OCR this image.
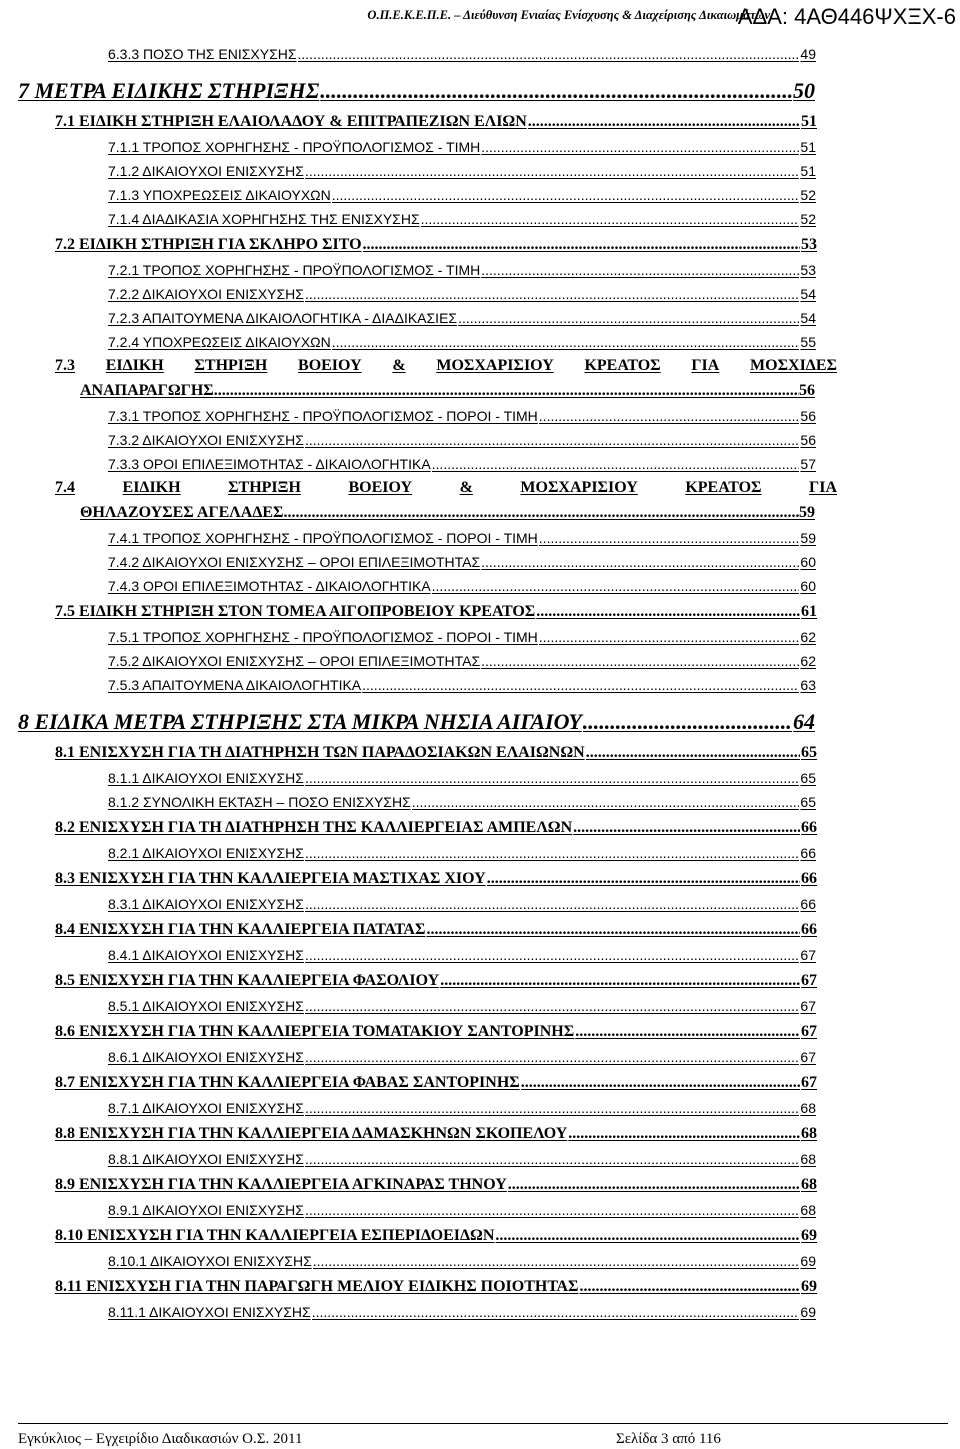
Ο.Π.Ε.Κ.Ε.Π.Ε. – Διεύθυνση Ενιαίας Ενίσχυσης & Διαχείρισης Δικαιωμάτων
ΑΔΑ: 4ΑΘ446ΨΧΞΧ-6
6.3.3 ΠΟΣΟ ΤΗΣ ΕΝΙΣΧΥΣΗΣ .....	49
7 ΜΕΤΡΑ ΕΙΔΙΚΗΣ ΣΤΗΡΙΞΗΣ .....	50
7.1 ΕΙΔΙΚΗ ΣΤΗΡΙΞΗ ΕΛΑΙΟΛΑΔΟΥ & ΕΠΙΤΡΑΠΕΖΙΩΝ ΕΛΙΩΝ .....	51
7.1.1 ΤΡΟΠΟΣ ΧΟΡΗΓΗΣΗΣ - ΠΡΟΫΠΟΛΟΓΙΣΜΟΣ - ΤΙΜΗ .....	51
7.1.2 ΔΙΚΑΙΟΥΧΟΙ ΕΝΙΣΧΥΣΗΣ .....	51
7.1.3 ΥΠΟΧΡΕΩΣΕΙΣ ΔΙΚΑΙΟΥΧΩΝ .....	52
7.1.4 ΔΙΑΔΙΚΑΣΙΑ ΧΟΡΗΓΗΣΗΣ ΤΗΣ ΕΝΙΣΧΥΣΗΣ .....	52
7.2 ΕΙΔΙΚΗ ΣΤΗΡΙΞΗ ΓΙΑ ΣΚΛΗΡΟ ΣΙΤΟ .....	53
7.2.1 ΤΡΟΠΟΣ ΧΟΡΗΓΗΣΗΣ - ΠΡΟΫΠΟΛΟΓΙΣΜΟΣ - ΤΙΜΗ .....	53
7.2.2 ΔΙΚΑΙΟΥΧΟΙ ΕΝΙΣΧΥΣΗΣ .....	54
7.2.3 ΑΠΑΙΤΟΥΜΕΝΑ ΔΙΚΑΙΟΛΟΓΗΤΙΚΑ - ΔΙΑΔΙΚΑΣΙΕΣ .....	54
7.2.4 ΥΠΟΧΡΕΩΣΕΙΣ ΔΙΚΑΙΟΥΧΩΝ .....	55
7.3 ΕΙΔΙΚΗ ΣΤΗΡΙΞΗ ΒΟΕΙΟΥ & ΜΟΣΧΑΡΙΣΙΟΥ ΚΡΕΑΤΟΣ ΓΙΑ ΜΟΣΧΙΔΕΣ
ΑΝΑΠΑΡΑΓΩΓΗΣ .....	56
7.3.1 ΤΡΟΠΟΣ ΧΟΡΗΓΗΣΗΣ - ΠΡΟΫΠΟΛΟΓΙΣΜΟΣ - ΠΟΡΟΙ - ΤΙΜΗ .....	56
7.3.2 ΔΙΚΑΙΟΥΧΟΙ ΕΝΙΣΧΥΣΗΣ .....	56
7.3.3 ΟΡΟΙ ΕΠΙΛΕΞΙΜΟΤΗΤΑΣ - ΔΙΚΑΙΟΛΟΓΗΤΙΚΑ .....	57
7.4	ΕΙΔΙΚΗ	ΣΤΗΡΙΞΗ	ΒΟΕΙΟΥ	&	ΜΟΣΧΑΡΙΣΙΟΥ	ΚΡΕΑΤΟΣ	ΓΙΑ
ΘΗΛΑΖΟΥΣΕΣ ΑΓΕΛΑΔΕΣ .....	59
7.4.1 ΤΡΟΠΟΣ ΧΟΡΗΓΗΣΗΣ - ΠΡΟΫΠΟΛΟΓΙΣΜΟΣ - ΠΟΡΟΙ - ΤΙΜΗ .....	59
7.4.2 ΔΙΚΑΙΟΥΧΟΙ ΕΝΙΣΧΥΣΗΣ – ΟΡΟΙ ΕΠΙΛΕΞΙΜΟΤΗΤΑΣ .....	60
7.4.3 ΟΡΟΙ ΕΠΙΛΕΞΙΜΟΤΗΤΑΣ - ΔΙΚΑΙΟΛΟΓΗΤΙΚΑ .....	60
7.5 ΕΙΔΙΚΗ ΣΤΗΡΙΞΗ ΣΤΟΝ ΤΟΜΕΑ ΑΙΓΟΠΡΟΒΕΙΟΥ ΚΡΕΑΤΟΣ .....	61
7.5.1 ΤΡΟΠΟΣ ΧΟΡΗΓΗΣΗΣ - ΠΡΟΫΠΟΛΟΓΙΣΜΟΣ - ΠΟΡΟΙ - ΤΙΜΗ .....	62
7.5.2 ΔΙΚΑΙΟΥΧΟΙ ΕΝΙΣΧΥΣΗΣ – ΟΡΟΙ ΕΠΙΛΕΞΙΜΟΤΗΤΑΣ .....	62
7.5.3 ΑΠΑΙΤΟΥΜΕΝΑ ΔΙΚΑΙΟΛΟΓΗΤΙΚΑ .....	63
8 ΕΙΔΙΚΑ ΜΕΤΡΑ ΣΤΗΡΙΞΗΣ ΣΤΑ ΜΙΚΡΑ ΝΗΣΙΑ ΑΙΓΑΙΟΥ .....	64
8.1 ΕΝΙΣΧΥΣΗ ΓΙΑ ΤΗ ΔΙΑΤΗΡΗΣΗ ΤΩΝ ΠΑΡΑΔΟΣΙΑΚΩΝ ΕΛΑΙΩΝΩΝ .....	65
8.1.1 ΔΙΚΑΙΟΥΧΟΙ ΕΝΙΣΧΥΣΗΣ .....	65
8.1.2 ΣΥΝΟΛΙΚΗ ΕΚΤΑΣΗ – ΠΟΣΟ ΕΝΙΣΧΥΣΗΣ .....	65
8.2 ΕΝΙΣΧΥΣΗ ΓΙΑ ΤΗ ΔΙΑΤΗΡΗΣΗ ΤΗΣ ΚΑΛΛΙΕΡΓΕΙΑΣ ΑΜΠΕΛΩΝ .....	66
8.2.1 ΔΙΚΑΙΟΥΧΟΙ ΕΝΙΣΧΥΣΗΣ .....	66
8.3 ΕΝΙΣΧΥΣΗ ΓΙΑ ΤΗΝ ΚΑΛΛΙΕΡΓΕΙΑ ΜΑΣΤΙΧΑΣ ΧΙΟΥ .....	66
8.3.1 ΔΙΚΑΙΟΥΧΟΙ ΕΝΙΣΧΥΣΗΣ .....	66
8.4 ΕΝΙΣΧΥΣΗ ΓΙΑ ΤΗΝ ΚΑΛΛΙΕΡΓΕΙΑ ΠΑΤΑΤΑΣ .....	66
8.4.1 ΔΙΚΑΙΟΥΧΟΙ ΕΝΙΣΧΥΣΗΣ .....	67
8.5 ΕΝΙΣΧΥΣΗ ΓΙΑ ΤΗΝ ΚΑΛΛΙΕΡΓΕΙΑ ΦΑΣΟΛΙΟΥ .....	67
8.5.1 ΔΙΚΑΙΟΥΧΟΙ ΕΝΙΣΧΥΣΗΣ .....	67
8.6 ΕΝΙΣΧΥΣΗ ΓΙΑ ΤΗΝ ΚΑΛΛΙΕΡΓΕΙΑ ΤΟΜΑΤΑΚΙΟΥ ΣΑΝΤΟΡΙΝΗΣ .....	67
8.6.1 ΔΙΚΑΙΟΥΧΟΙ ΕΝΙΣΧΥΣΗΣ .....	67
8.7 ΕΝΙΣΧΥΣΗ ΓΙΑ ΤΗΝ ΚΑΛΛΙΕΡΓΕΙΑ ΦΑΒΑΣ ΣΑΝΤΟΡΙΝΗΣ .....	67
8.7.1 ΔΙΚΑΙΟΥΧΟΙ ΕΝΙΣΧΥΣΗΣ .....	68
8.8 ΕΝΙΣΧΥΣΗ ΓΙΑ ΤΗΝ ΚΑΛΛΙΕΡΓΕΙΑ ΔΑΜΑΣΚΗΝΩΝ ΣΚΟΠΕΛΟΥ .....	68
8.8.1 ΔΙΚΑΙΟΥΧΟΙ ΕΝΙΣΧΥΣΗΣ .....	68
8.9 ΕΝΙΣΧΥΣΗ ΓΙΑ ΤΗΝ ΚΑΛΛΙΕΡΓΕΙΑ ΑΓΚΙΝΑΡΑΣ ΤΗΝΟΥ .....	68
8.9.1 ΔΙΚΑΙΟΥΧΟΙ ΕΝΙΣΧΥΣΗΣ .....	68
8.10 ΕΝΙΣΧΥΣΗ ΓΙΑ ΤΗΝ ΚΑΛΛΙΕΡΓΕΙΑ ΕΣΠΕΡΙΔΟΕΙΔΩΝ .....	69
8.10.1 ΔΙΚΑΙΟΥΧΟΙ ΕΝΙΣΧΥΣΗΣ .....	69
8.11 ΕΝΙΣΧΥΣΗ ΓΙΑ ΤΗΝ ΠΑΡΑΓΩΓΗ ΜΕΛΙΟΥ ΕΙΔΙΚΗΣ ΠΟΙΟΤΗΤΑΣ .....	69
8.11.1 ΔΙΚΑΙΟΥΧΟΙ ΕΝΙΣΧΥΣΗΣ .....	69
Εγκύκλιος – Εγχειρίδιο Διαδικασιών Ο.Σ. 2011	Σελίδα 3 από 116
